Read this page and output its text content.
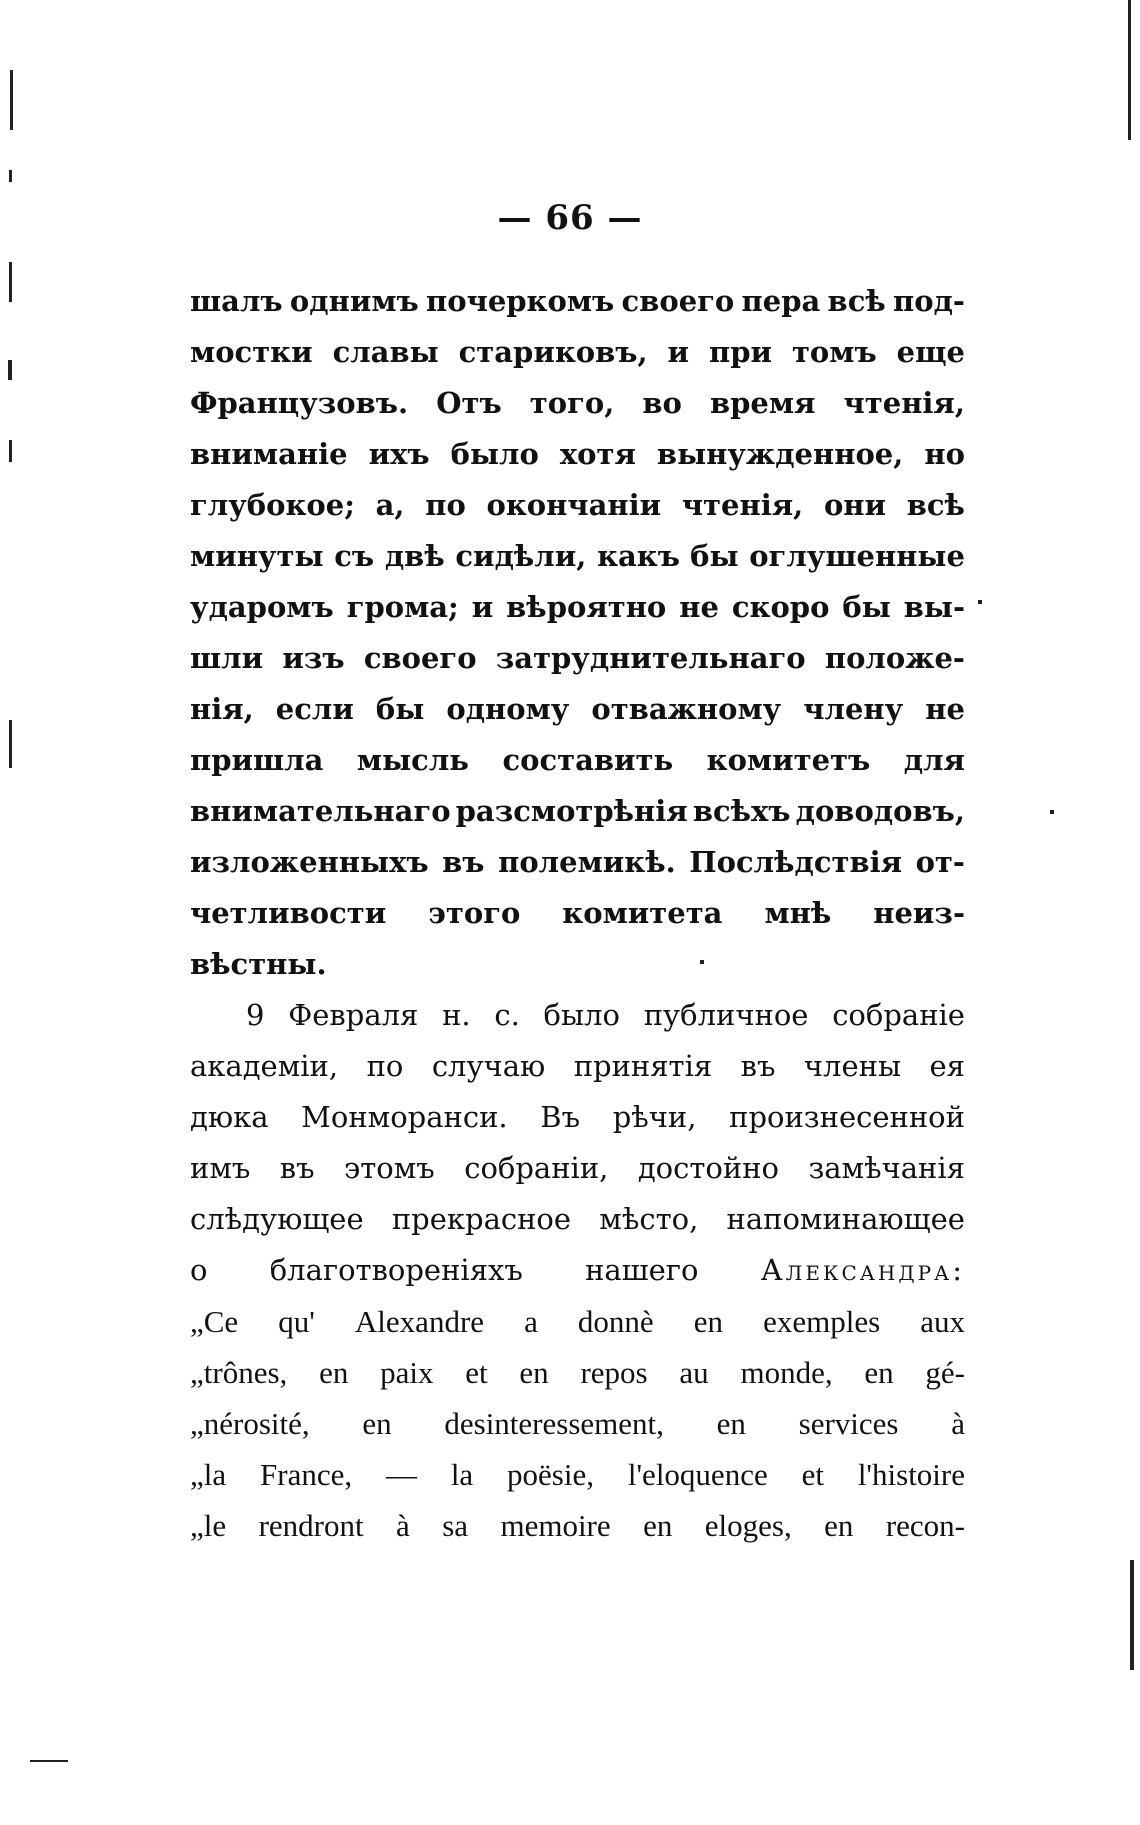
— 66 —
шалъ однимъ почеркомъ своего пера всѣ под-
мостки славы стариковъ, и при томъ еще
Французовъ. Отъ того, во время чтенія,
вниманіе ихъ было хотя вынужденное, но
глубокое; а, по окончаніи чтенія, они всѣ
минуты съ двѣ сидѣли, какъ бы оглушенные
ударомъ грома; и вѣроятно не скоро бы вы-
шли изъ своего затруднительнаго положе-
нія, если бы одному отважному члену не
пришла мысль составить комитетъ для
внимательнаго разсмотрѣнія всѣхъ доводовъ,
изложенныхъ въ полемикѣ. Послѣдствія от-
четливости этого комитета мнѣ неиз-
вѣстны.
9 Февраля н. с. было публичное собраніе
академіи, по случаю принятія въ члены ея
дюка Монморанси. Въ рѣчи, произнесенной
имъ въ этомъ собраніи, достойно замѣчанія
слѣдующее прекрасное мѣсто, напоминающее
о благотвореніяхъ нашего Александра:
„Ce qu' Alexandre a donnè en exemples aux
„trônes, en paix et en repos au monde, en gé-
„nérosité, en desinteressement, en services à
„la France, — la poësie, l'eloquence et l'histoire
„le rendront à sa memoire en eloges, en recon-
